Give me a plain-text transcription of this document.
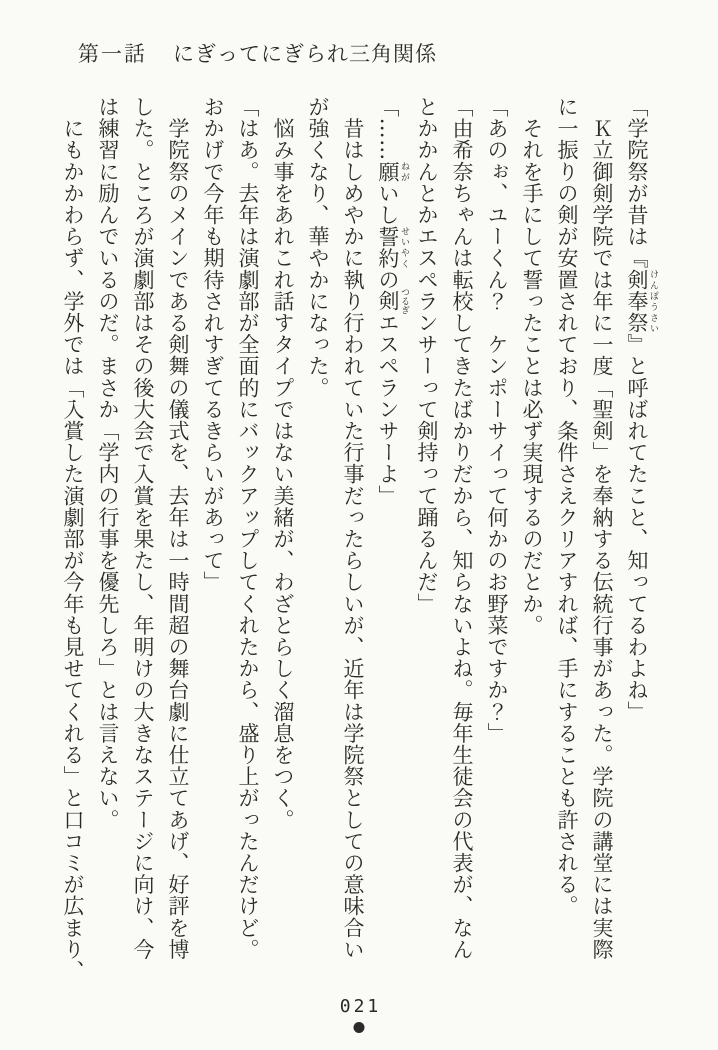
第一話 にぎってにぎられ三角関係
「学院祭が昔は『剣奉祭 けんぽうさい』と呼ばれてたこと、知ってるわよね」
　Ｋ立御剣学院では年に一度「聖剣」を奉納する伝統行事があった。学院の講堂には実際
に一振りの剣が安置されており、条件さえクリアすれば、手にすることも許される。
　それを手にして誓ったことは必ず実現するのだとか。
「あのぉ、ユーくん？　ケンポーサイって何かのお野菜ですか？」
「由希奈ちゃんは転校してきたばかりだから、知らないよね。毎年生徒会の代表が、なん
とかかんとかエスペランサーって剣持って踊るんだ」
「……願 ねがいし誓約 せいやくの剣 つるぎエスペランサーよ」
　昔はしめやかに執り行われていた行事だったらしいが、近年は学院祭としての意味合い
が強くなり、華やかになった。
　悩み事をあれこれ話すタイプではない美緒が、わざとらしく溜息をつく。
「はあ。去年は演劇部が全面的にバックアップしてくれたから、盛り上がったんだけど。
おかげで今年も期待されすぎてるきらいがあって」
　学院祭のメインである剣舞の儀式を、去年は一時間超の舞台劇に仕立てあげ、好評を博
した。ところが演劇部はその後大会で入賞を果たし、年明けの大きなステージに向け、今
は練習に励んでいるのだ。まさか「学内の行事を優先しろ」とは言えない。
　にもかかわらず、学外では「入賞した演劇部が今年も見せてくれる」と口コミが広まり、
021
